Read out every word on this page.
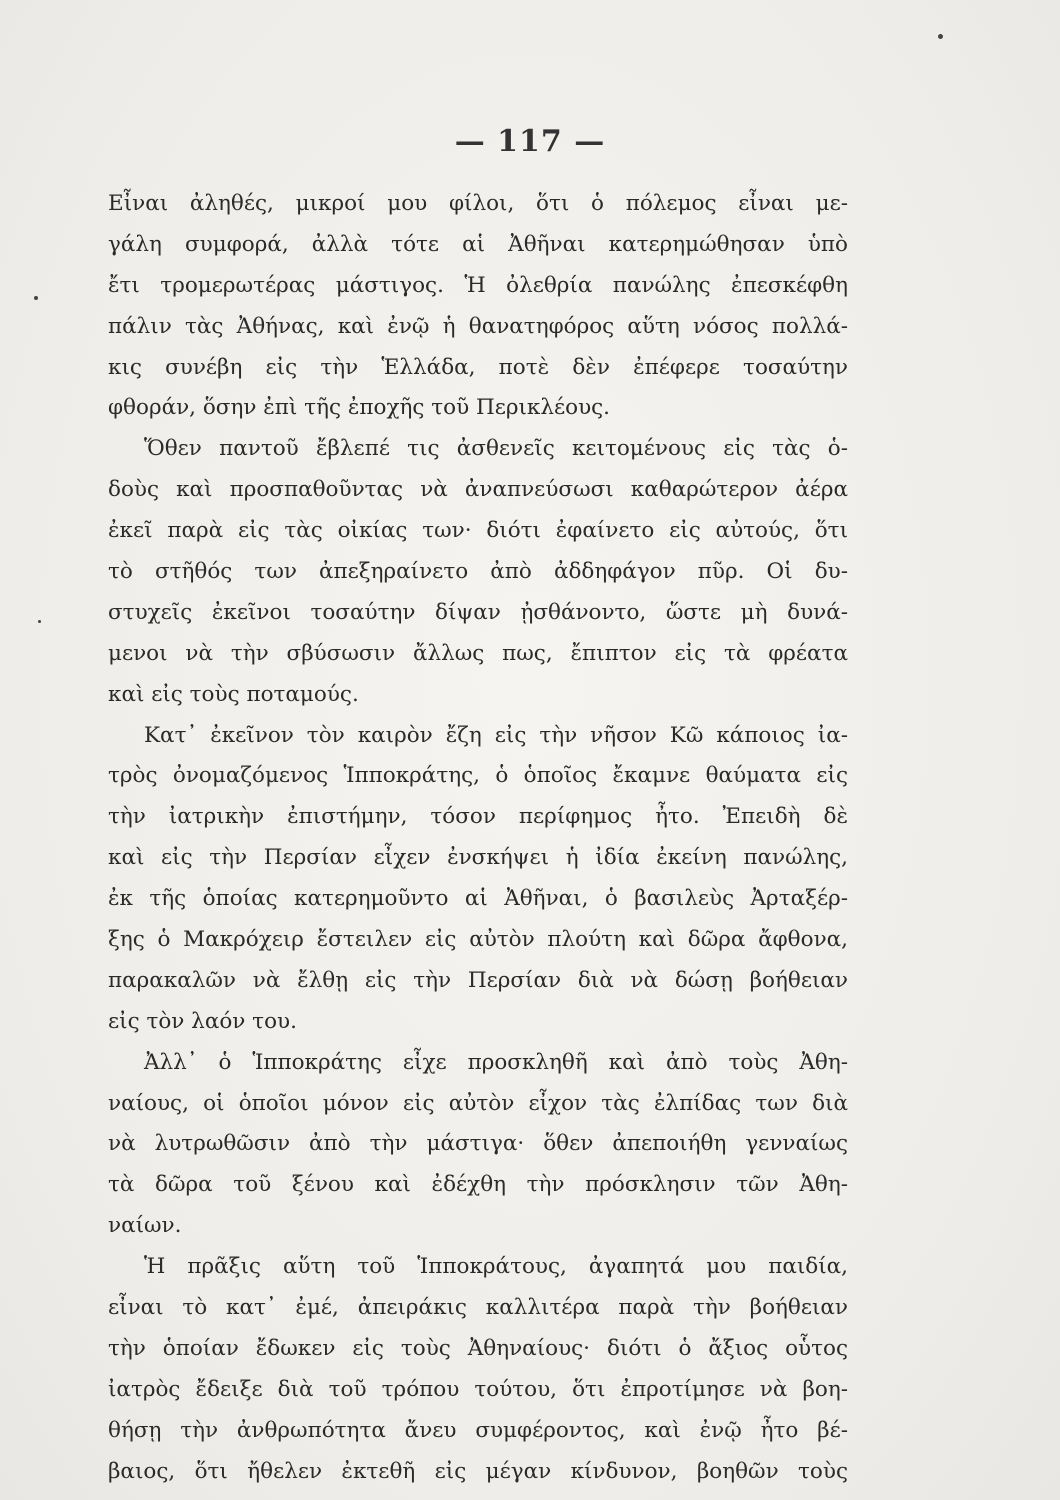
— 117 —
Εἶναι ἀληθές, μικροί μου φίλοι, ὅτι ὁ πόλεμος εἶναι με-
γάλη συμφορά, ἀλλὰ τότε αἱ Ἀθῆναι κατερημώθησαν ὑπὸ
ἔτι τρομερωτέρας μάστιγος. Ἡ ὀλεθρία πανώλης ἐπεσκέφθη
πάλιν τὰς Ἀθήνας, καὶ ἐνῷ ἡ θανατηφόρος αὕτη νόσος πολλά-
κις συνέβη εἰς τὴν Ἑλλάδα, ποτὲ δὲν ἐπέφερε τοσαύτην
φθοράν, ὅσην ἐπὶ τῆς ἐποχῆς τοῦ Περικλέους.
Ὅθεν παντοῦ ἔβλεπέ τις ἀσθενεῖς κειτομένους εἰς τὰς ὁ-
δοὺς καὶ προσπαθοῦντας νὰ ἀναπνεύσωσι καθαρώτερον ἀέρα
ἐκεῖ παρὰ εἰς τὰς οἰκίας των· διότι ἐφαίνετο εἰς αὐτούς, ὅτι
τὸ στῆθός των ἀπεξηραίνετο ἀπὸ ἀδδηφάγον πῦρ. Οἱ δυ-
στυχεῖς ἐκεῖνοι τοσαύτην δίψαν ᾐσθάνοντο, ὥστε μὴ δυνά-
μενοι νὰ τὴν σβύσωσιν ἄλλως πως, ἔπιπτον εἰς τὰ φρέατα
καὶ εἰς τοὺς ποταμούς.
Κατ᾽ ἐκεῖνον τὸν καιρὸν ἔζη εἰς τὴν νῆσον Κῶ κάποιος ἰα-
τρὸς ὀνομαζόμενος Ἱπποκράτης, ὁ ὁποῖος ἔκαμνε θαύματα εἰς
τὴν ἰατρικὴν ἐπιστήμην, τόσον περίφημος ἦτο. Ἐπειδὴ δὲ
καὶ εἰς τὴν Περσίαν εἶχεν ἐνσκήψει ἡ ἰδία ἐκείνη πανώλης,
ἐκ τῆς ὁποίας κατερημοῦντο αἱ Ἀθῆναι, ὁ βασιλεὺς Ἀρταξέρ-
ξης ὁ Μακρόχειρ ἔστειλεν εἰς αὐτὸν πλούτη καὶ δῶρα ἄφθονα,
παρακαλῶν νὰ ἔλθῃ εἰς τὴν Περσίαν διὰ νὰ δώσῃ βοήθειαν
εἰς τὸν λαόν του.
Ἀλλ᾽ ὁ Ἱπποκράτης εἶχε προσκληθῆ καὶ ἀπὸ τοὺς Ἀθη-
ναίους, οἱ ὁποῖοι μόνον εἰς αὐτὸν εἶχον τὰς ἐλπίδας των διὰ
νὰ λυτρωθῶσιν ἀπὸ τὴν μάστιγα· ὅθεν ἀπεποιήθη γενναίως
τὰ δῶρα τοῦ ξένου καὶ ἐδέχθη τὴν πρόσκλησιν τῶν Ἀθη-
ναίων.
Ἡ πρᾶξις αὕτη τοῦ Ἱπποκράτους, ἀγαπητά μου παιδία,
εἶναι τὸ κατ᾽ ἐμέ, ἀπειράκις καλλιτέρα παρὰ τὴν βοήθειαν
τὴν ὁποίαν ἔδωκεν εἰς τοὺς Ἀθηναίους· διότι ὁ ἄξιος οὗτος
ἰατρὸς ἔδειξε διὰ τοῦ τρόπου τούτου, ὅτι ἐπροτίμησε νὰ βοη-
θήσῃ τὴν ἀνθρωπότητα ἄνευ συμφέροντος, καὶ ἐνῷ ἦτο βέ-
βαιος, ὅτι ἤθελεν ἐκτεθῆ εἰς μέγαν κίνδυνον, βοηθῶν τοὺς
